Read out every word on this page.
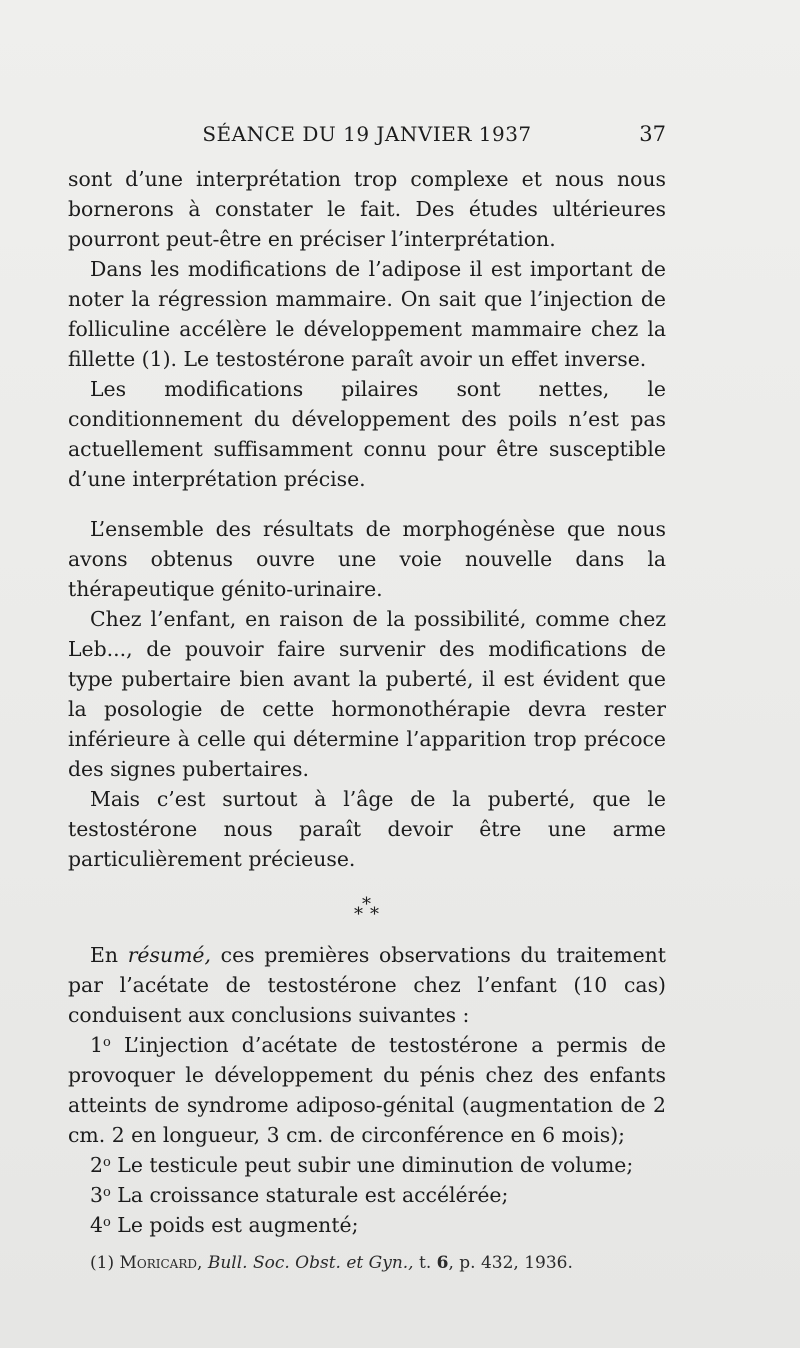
SÉANCE DU 19 JANVIER 1937	37

sont d’une interprétation trop complexe et nous nous bornerons à constater le fait. Des études ultérieures pourront peut-être en préciser l’interprétation.

Dans les modifications de l’adipose il est important de noter la régression mammaire. On sait que l’injection de folliculine accélère le développement mammaire chez la fillette (1). Le testostérone paraît avoir un effet inverse.

Les modifications pilaires sont nettes, le conditionnement du développement des poils n’est pas actuellement suffisamment connu pour être susceptible d’une interprétation précise.

L’ensemble des résultats de morphogénèse que nous avons obtenus ouvre une voie nouvelle dans la thérapeutique génito-urinaire.

Chez l’enfant, en raison de la possibilité, comme chez Leb..., de pouvoir faire survenir des modifications de type pubertaire bien avant la puberté, il est évident que la posologie de cette hormonothérapie devra rester inférieure à celle qui détermine l’apparition trop précoce des signes pubertaires.

Mais c’est surtout à l’âge de la puberté, que le testostérone nous paraît devoir être une arme particulièrement précieuse.

*
* *

En résumé, ces premières observations du traitement par l’acétate de testostérone chez l’enfant (10 cas) conduisent aux conclusions suivantes :

1$^o$ L’injection d’acétate de testostérone a permis de provoquer le développement du pénis chez des enfants atteints de syndrome adiposo-génital (augmentation de 2 cm. 2 en longueur, 3 cm. de circonférence en 6 mois);

2$^o$ Le testicule peut subir une diminution de volume;

3$^o$ La croissance staturale est accélérée;

4$^o$ Le poids est augmenté;

(1) Moricard, Bull. Soc. Obst. et Gyn., t. 6, p. 432, 1936.
